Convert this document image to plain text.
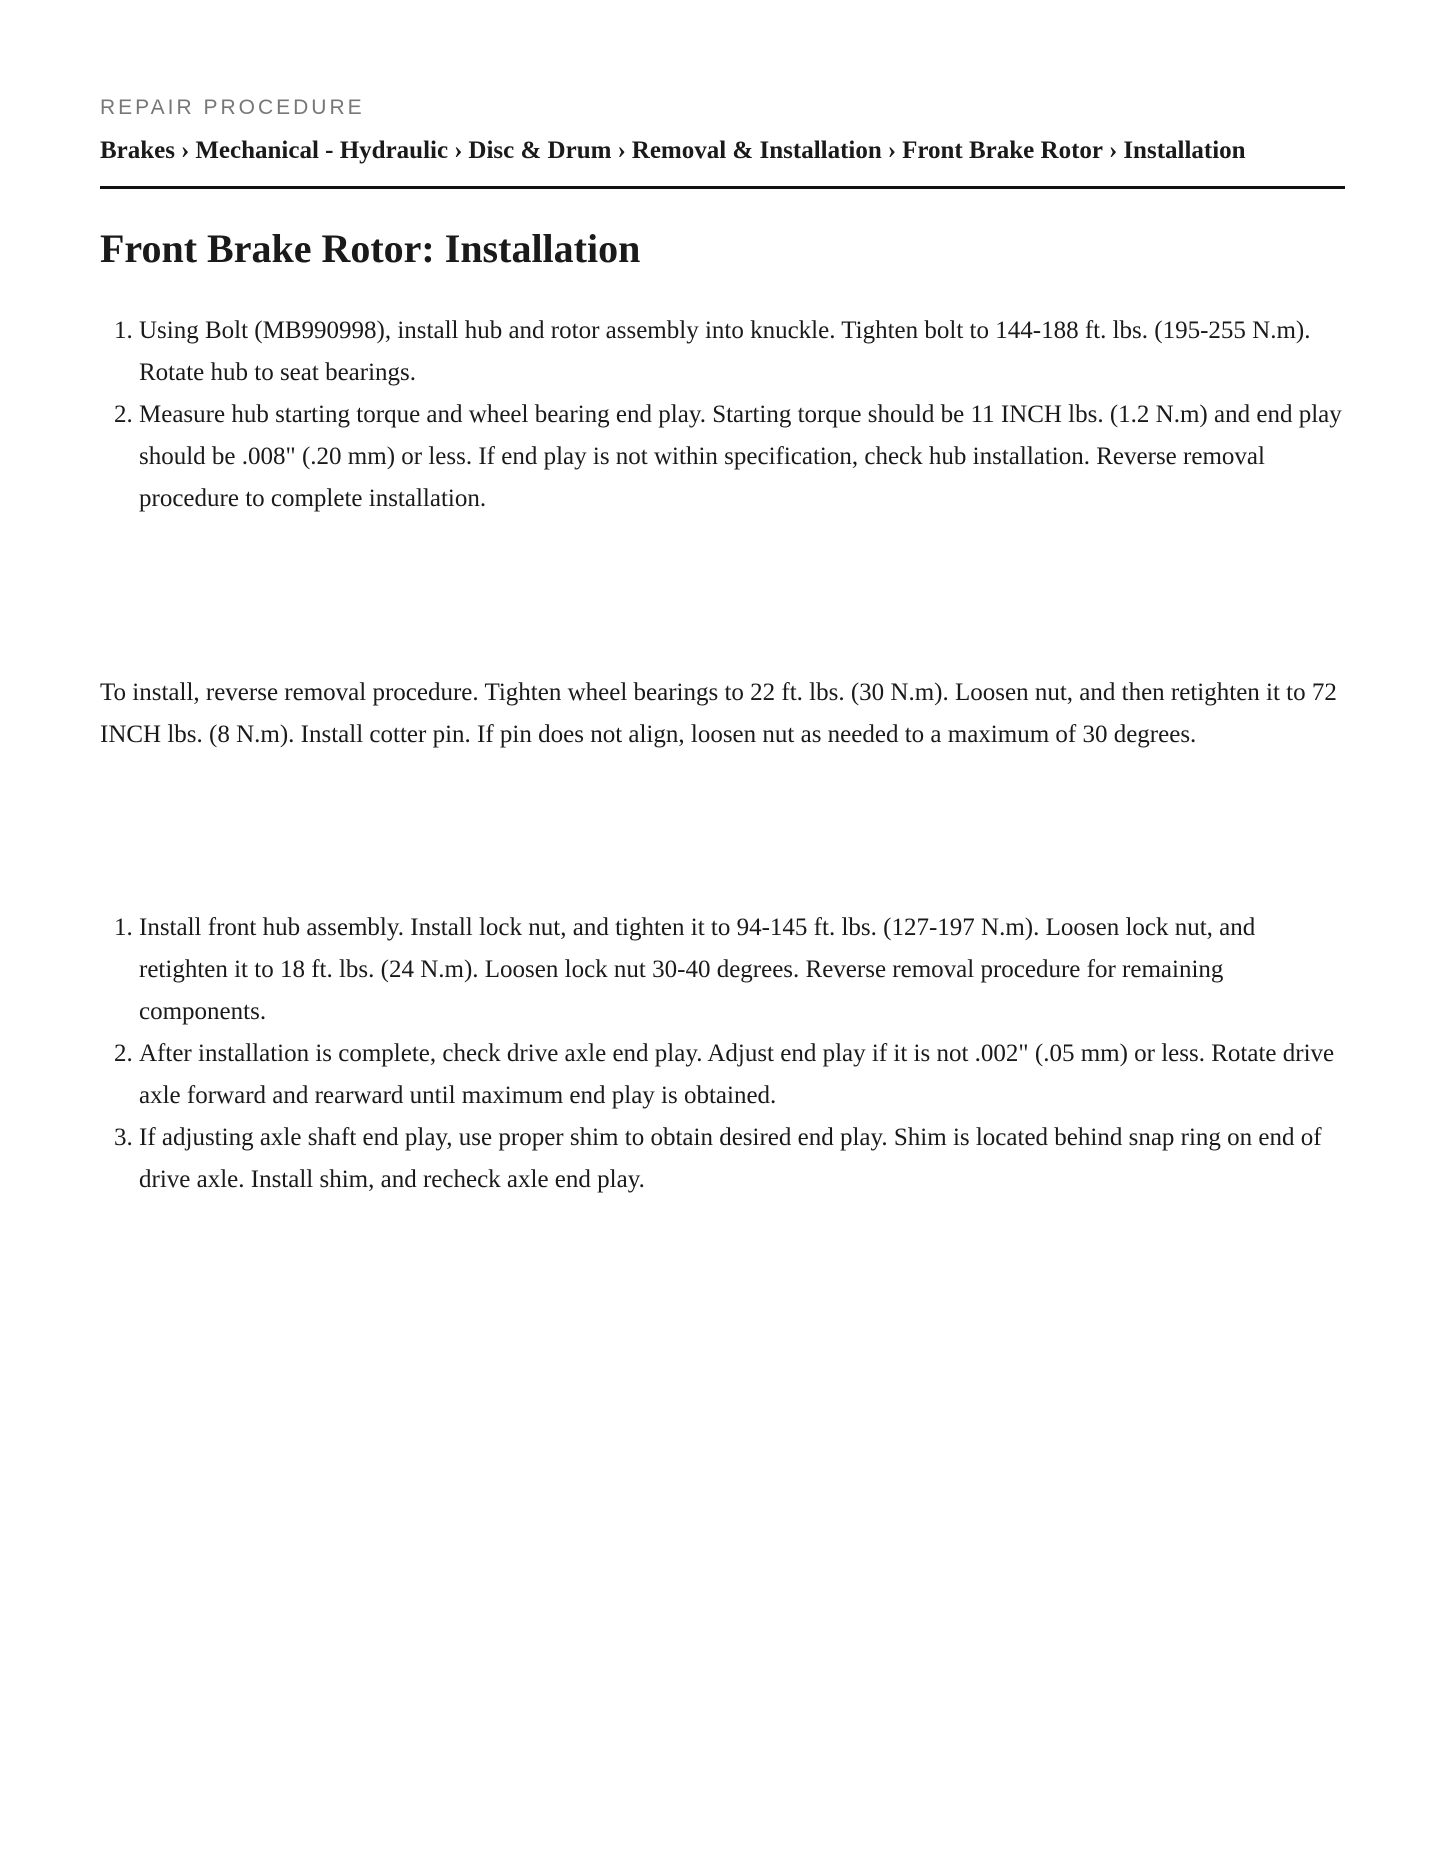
REPAIR PROCEDURE
Brakes › Mechanical - Hydraulic › Disc & Drum › Removal & Installation › Front Brake Rotor › Installation
Front Brake Rotor: Installation
1. Using Bolt (MB990998), install hub and rotor assembly into knuckle. Tighten bolt to 144-188 ft. lbs. (195-255 N.m). Rotate hub to seat bearings.
2. Measure hub starting torque and wheel bearing end play. Starting torque should be 11 INCH lbs. (1.2 N.m) and end play should be .008" (.20 mm) or less. If end play is not within specification, check hub installation. Reverse removal procedure to complete installation.

To install, reverse removal procedure. Tighten wheel bearings to 22 ft. lbs. (30 N.m). Loosen nut, and then retighten it to 72 INCH lbs. (8 N.m). Install cotter pin. If pin does not align, loosen nut as needed to a maximum of 30 degrees.

1. Install front hub assembly. Install lock nut, and tighten it to 94-145 ft. lbs. (127-197 N.m). Loosen lock nut, and retighten it to 18 ft. lbs. (24 N.m). Loosen lock nut 30-40 degrees. Reverse removal procedure for remaining components.
2. After installation is complete, check drive axle end play. Adjust end play if it is not .002" (.05 mm) or less. Rotate drive axle forward and rearward until maximum end play is obtained.
3. If adjusting axle shaft end play, use proper shim to obtain desired end play. Shim is located behind snap ring on end of drive axle. Install shim, and recheck axle end play.
